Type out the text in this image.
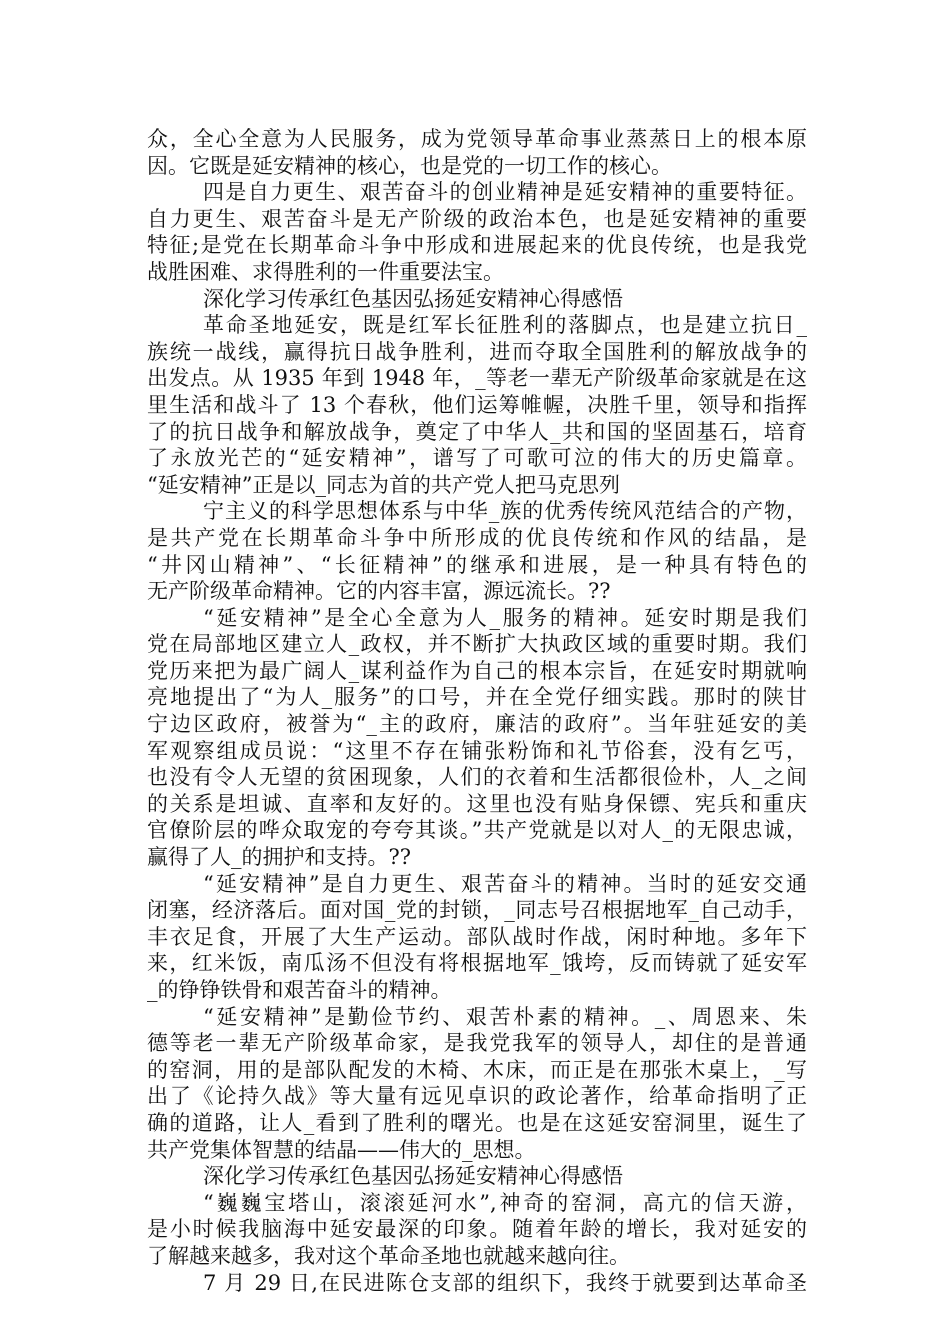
众，全心全意为人民服务，成为党领导革命事业蒸蒸日上的根本原
因。它既是延安精神的核心，也是党的一切工作的核心。
四是自力更生、艰苦奋斗的创业精神是延安精神的重要特征。
自力更生、艰苦奋斗是无产阶级的政治本色，也是延安精神的重要
特征;是党在长期革命斗争中形成和进展起来的优良传统，也是我党
战胜困难、求得胜利的一件重要法宝。
深化学习传承红色基因弘扬延安精神心得感悟
革命圣地延安，既是红军长征胜利的落脚点，也是建立抗日_
族统一战线，赢得抗日战争胜利，进而夺取全国胜利的解放战争的
出发点。从 1935 年到 1948 年，_等老一辈无产阶级革命家就是在这
里生活和战斗了 13 个春秋，他们运筹帷幄，决胜千里，领导和指挥
了的抗日战争和解放战争，奠定了中华人_共和国的坚固基石，培育
了永放光芒的“延安精神”，谱写了可歌可泣的伟大的历史篇章。
“延安精神”正是以_同志为首的共产党人把马克思列
宁主义的科学思想体系与中华_族的优秀传统风范结合的产物，
是共产党在长期革命斗争中所形成的优良传统和作风的结晶，是
“井冈山精神”、“长征精神”的继承和进展，是一种具有特色的
无产阶级革命精神。它的内容丰富，源远流长。??
“延安精神”是全心全意为人_服务的精神。延安时期是我们
党在局部地区建立人_政权，并不断扩大执政区域的重要时期。我们
党历来把为最广阔人_谋利益作为自己的根本宗旨，在延安时期就响
亮地提出了“为人_服务”的口号，并在全党仔细实践。那时的陕甘
宁边区政府，被誉为“_主的政府，廉洁的政府”。当年驻延安的美
军观察组成员说：“这里不存在铺张粉饰和礼节俗套，没有乞丐，
也没有令人无望的贫困现象，人们的衣着和生活都很俭朴，人_之间
的关系是坦诚、直率和友好的。这里也没有贴身保镖、宪兵和重庆
官僚阶层的哗众取宠的夸夸其谈。”共产党就是以对人_的无限忠诚，
赢得了人_的拥护和支持。??
“延安精神”是自力更生、艰苦奋斗的精神。当时的延安交通
闭塞，经济落后。面对国_党的封锁，_同志号召根据地军_自己动手，
丰衣足食，开展了大生产运动。部队战时作战，闲时种地。多年下
来，红米饭，南瓜汤不但没有将根据地军_饿垮，反而铸就了延安军
_的铮铮铁骨和艰苦奋斗的精神。
“延安精神”是勤俭节约、艰苦朴素的精神。_、周恩来、朱
德等老一辈无产阶级革命家，是我党我军的领导人，却住的是普通
的窑洞，用的是部队配发的木椅、木床，而正是在那张木桌上，_写
出了《论持久战》等大量有远见卓识的政论著作，给革命指明了正
确的道路，让人_看到了胜利的曙光。也是在这延安窑洞里，诞生了
共产党集体智慧的结晶——伟大的_思想。
深化学习传承红色基因弘扬延安精神心得感悟
“巍巍宝塔山，滚滚延河水”,神奇的窑洞，高亢的信天游，
是小时候我脑海中延安最深的印象。随着年龄的增长，我对延安的
了解越来越多，我对这个革命圣地也就越来越向往。
7 月 29 日,在民进陈仓支部的组织下，我终于就要到达革命圣
